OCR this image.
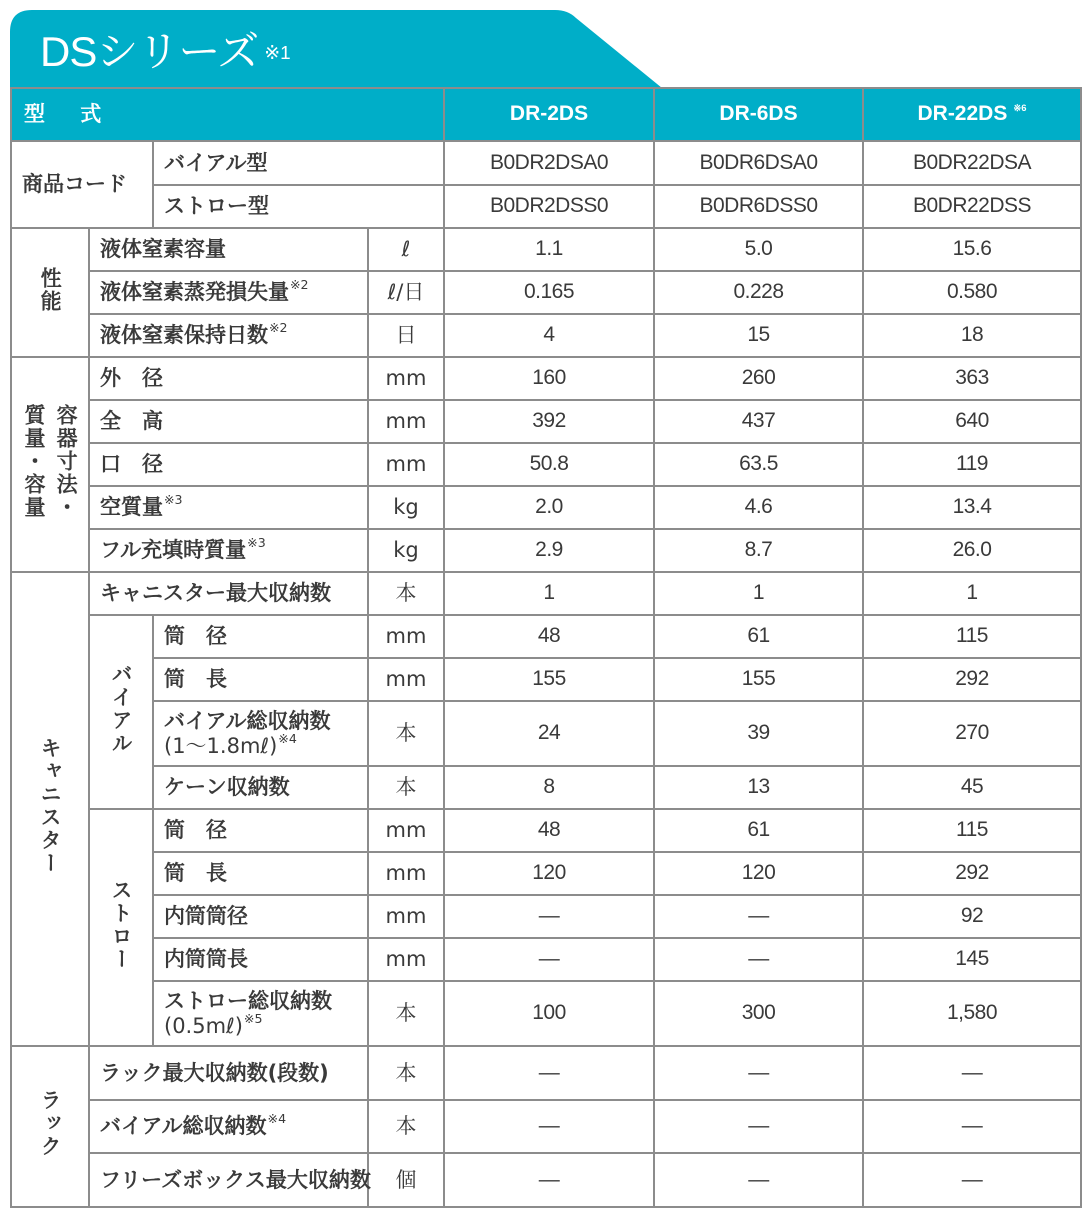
DSシリーズ $^{※1}$
型 式				DR-2DS	DR-6DS	DR-22DS $^{※6}$
商品コード		バイアル型		B0DR2DSA0	B0DR6DSA0	B0DR22DSA
		ストロー型		B0DR2DSS0	B0DR6DSS0	B0DR22DSS
性能	液体窒素容量		ℓ	1.1	5.0	15.6
	液体窒素蒸発損失量$^{※2}$		ℓ/日	0.165	0.228	0.580
	液体窒素保持日数$^{※2}$		日	4	15	18

容器寸法・
質量・容量	外　径		mm	160	260	363
	全　高		mm	392	437	640
	口　径		mm	50.8	63.5	119
	空質量$^{※3}$		kg	2.0	4.6	13.4
	フル充填時質量$^{※3}$		kg	2.9	8.7	26.0
キャニスター	キャニスター最大収納数		本	1	1	1
	バイアル	筒　径	mm	48	61	115
		筒　長	mm	155	155	292
		バイアル総収納数
(1～1.8mℓ)$^{※4}$	本	24	39	270
		ケーン収納数	本	8	13	45
	ストロー	筒　径	mm	48	61	115
		筒　長	mm	120	120	292
		内筒筒径	mm	—	—	92
		内筒筒長	mm	—	—	145
		ストロー総収納数
(0.5mℓ)$^{※5}$	本	100	300	1,580
ラック	ラック最大収納数(段数)		本	—	—	—
	バイアル総収納数$^{※4}$		本	—	—	—
	フリーズボックス最大収納数		個	—	—	—
